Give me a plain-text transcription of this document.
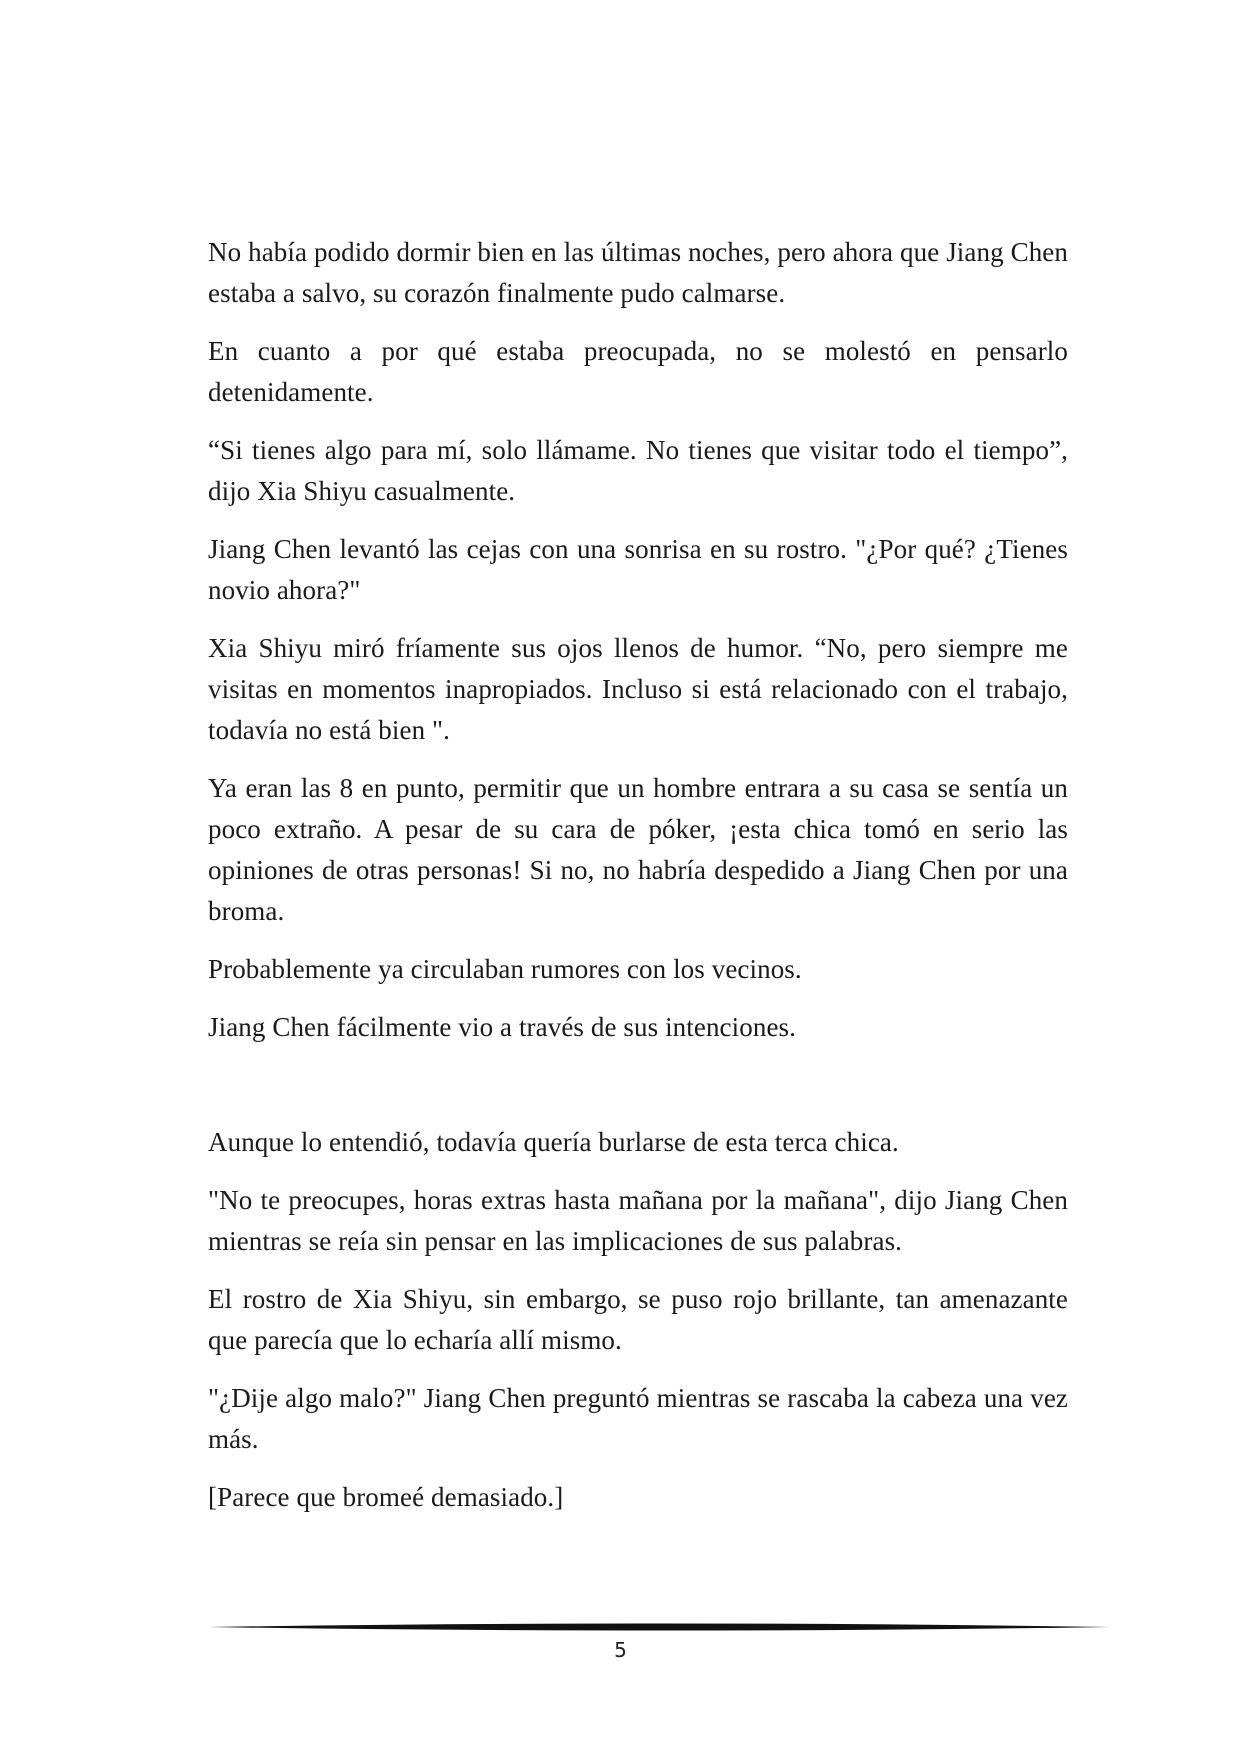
No había podido dormir bien en las últimas noches, pero ahora que Jiang Chen estaba a salvo, su corazón finalmente pudo calmarse.

En cuanto a por qué estaba preocupada, no se molestó en pensarlo detenidamente.

“Si tienes algo para mí, solo llámame. No tienes que visitar todo el tiempo”, dijo Xia Shiyu casualmente.

Jiang Chen levantó las cejas con una sonrisa en su rostro. "¿Por qué? ¿Tienes novio ahora?"

Xia Shiyu miró fríamente sus ojos llenos de humor. “No, pero siempre me visitas en momentos inapropiados. Incluso si está relacionado con el trabajo, todavía no está bien ".

Ya eran las 8 en punto, permitir que un hombre entrara a su casa se sentía un poco extraño. A pesar de su cara de póker, ¡esta chica tomó en serio las opiniones de otras personas! Si no, no habría despedido a Jiang Chen por una broma.

Probablemente ya circulaban rumores con los vecinos.

Jiang Chen fácilmente vio a través de sus intenciones.

Aunque lo entendió, todavía quería burlarse de esta terca chica.

"No te preocupes, horas extras hasta mañana por la mañana", dijo Jiang Chen mientras se reía sin pensar en las implicaciones de sus palabras.

El rostro de Xia Shiyu, sin embargo, se puso rojo brillante, tan amenazante que parecía que lo echaría allí mismo.

"¿Dije algo malo?" Jiang Chen preguntó mientras se rascaba la cabeza una vez más.

[Parece que bromeé demasiado.]

5
